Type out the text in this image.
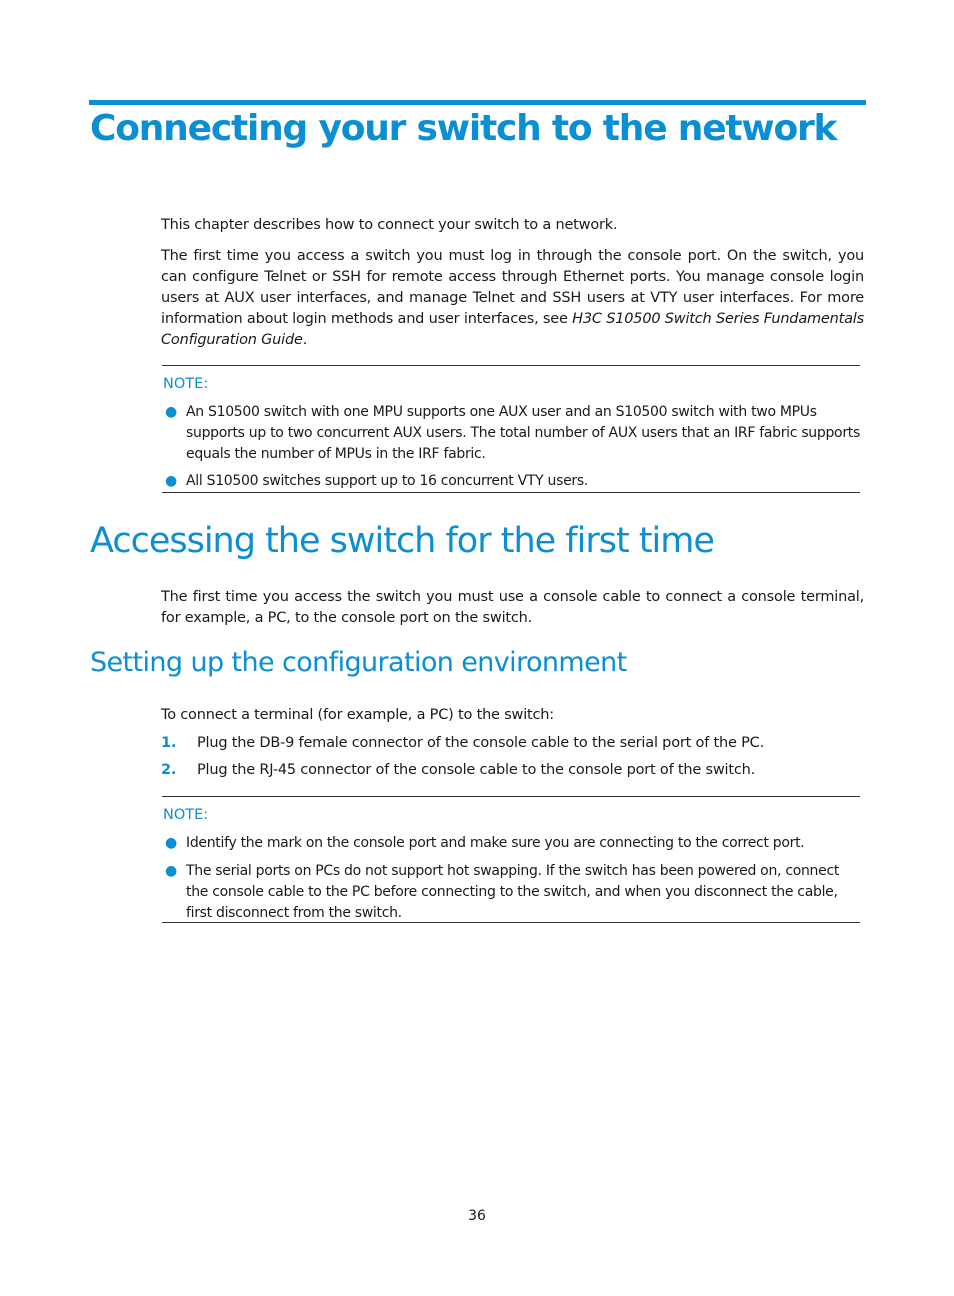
Connecting your switch to the network

This chapter describes how to connect your switch to a network.

The first time you access a switch you must log in through the console port. On the switch, you can configure Telnet or SSH for remote access through Ethernet ports. You manage console login users at AUX user interfaces, and manage Telnet and SSH users at VTY user interfaces. For more information about login methods and user interfaces, see H3C S10500 Switch Series Fundamentals Configuration Guide.

NOTE:
● An S10500 switch with one MPU supports one AUX user and an S10500 switch with two MPUs supports up to two concurrent AUX users. The total number of AUX users that an IRF fabric supports equals the number of MPUs in the IRF fabric.
● All S10500 switches support up to 16 concurrent VTY users.
Accessing the switch for the first time

The first time you access the switch you must use a console cable to connect a console terminal, for example, a PC, to the console port on the switch.

Setting up the configuration environment

To connect a terminal (for example, a PC) to the switch:

1. Plug the DB-9 female connector of the console cable to the serial port of the PC.
2. Plug the RJ-45 connector of the console cable to the console port of the switch.
NOTE:
● Identify the mark on the console port and make sure you are connecting to the correct port.
● The serial ports on PCs do not support hot swapping. If the switch has been powered on, connect the console cable to the PC before connecting to the switch, and when you disconnect the cable, first disconnect from the switch.
36
